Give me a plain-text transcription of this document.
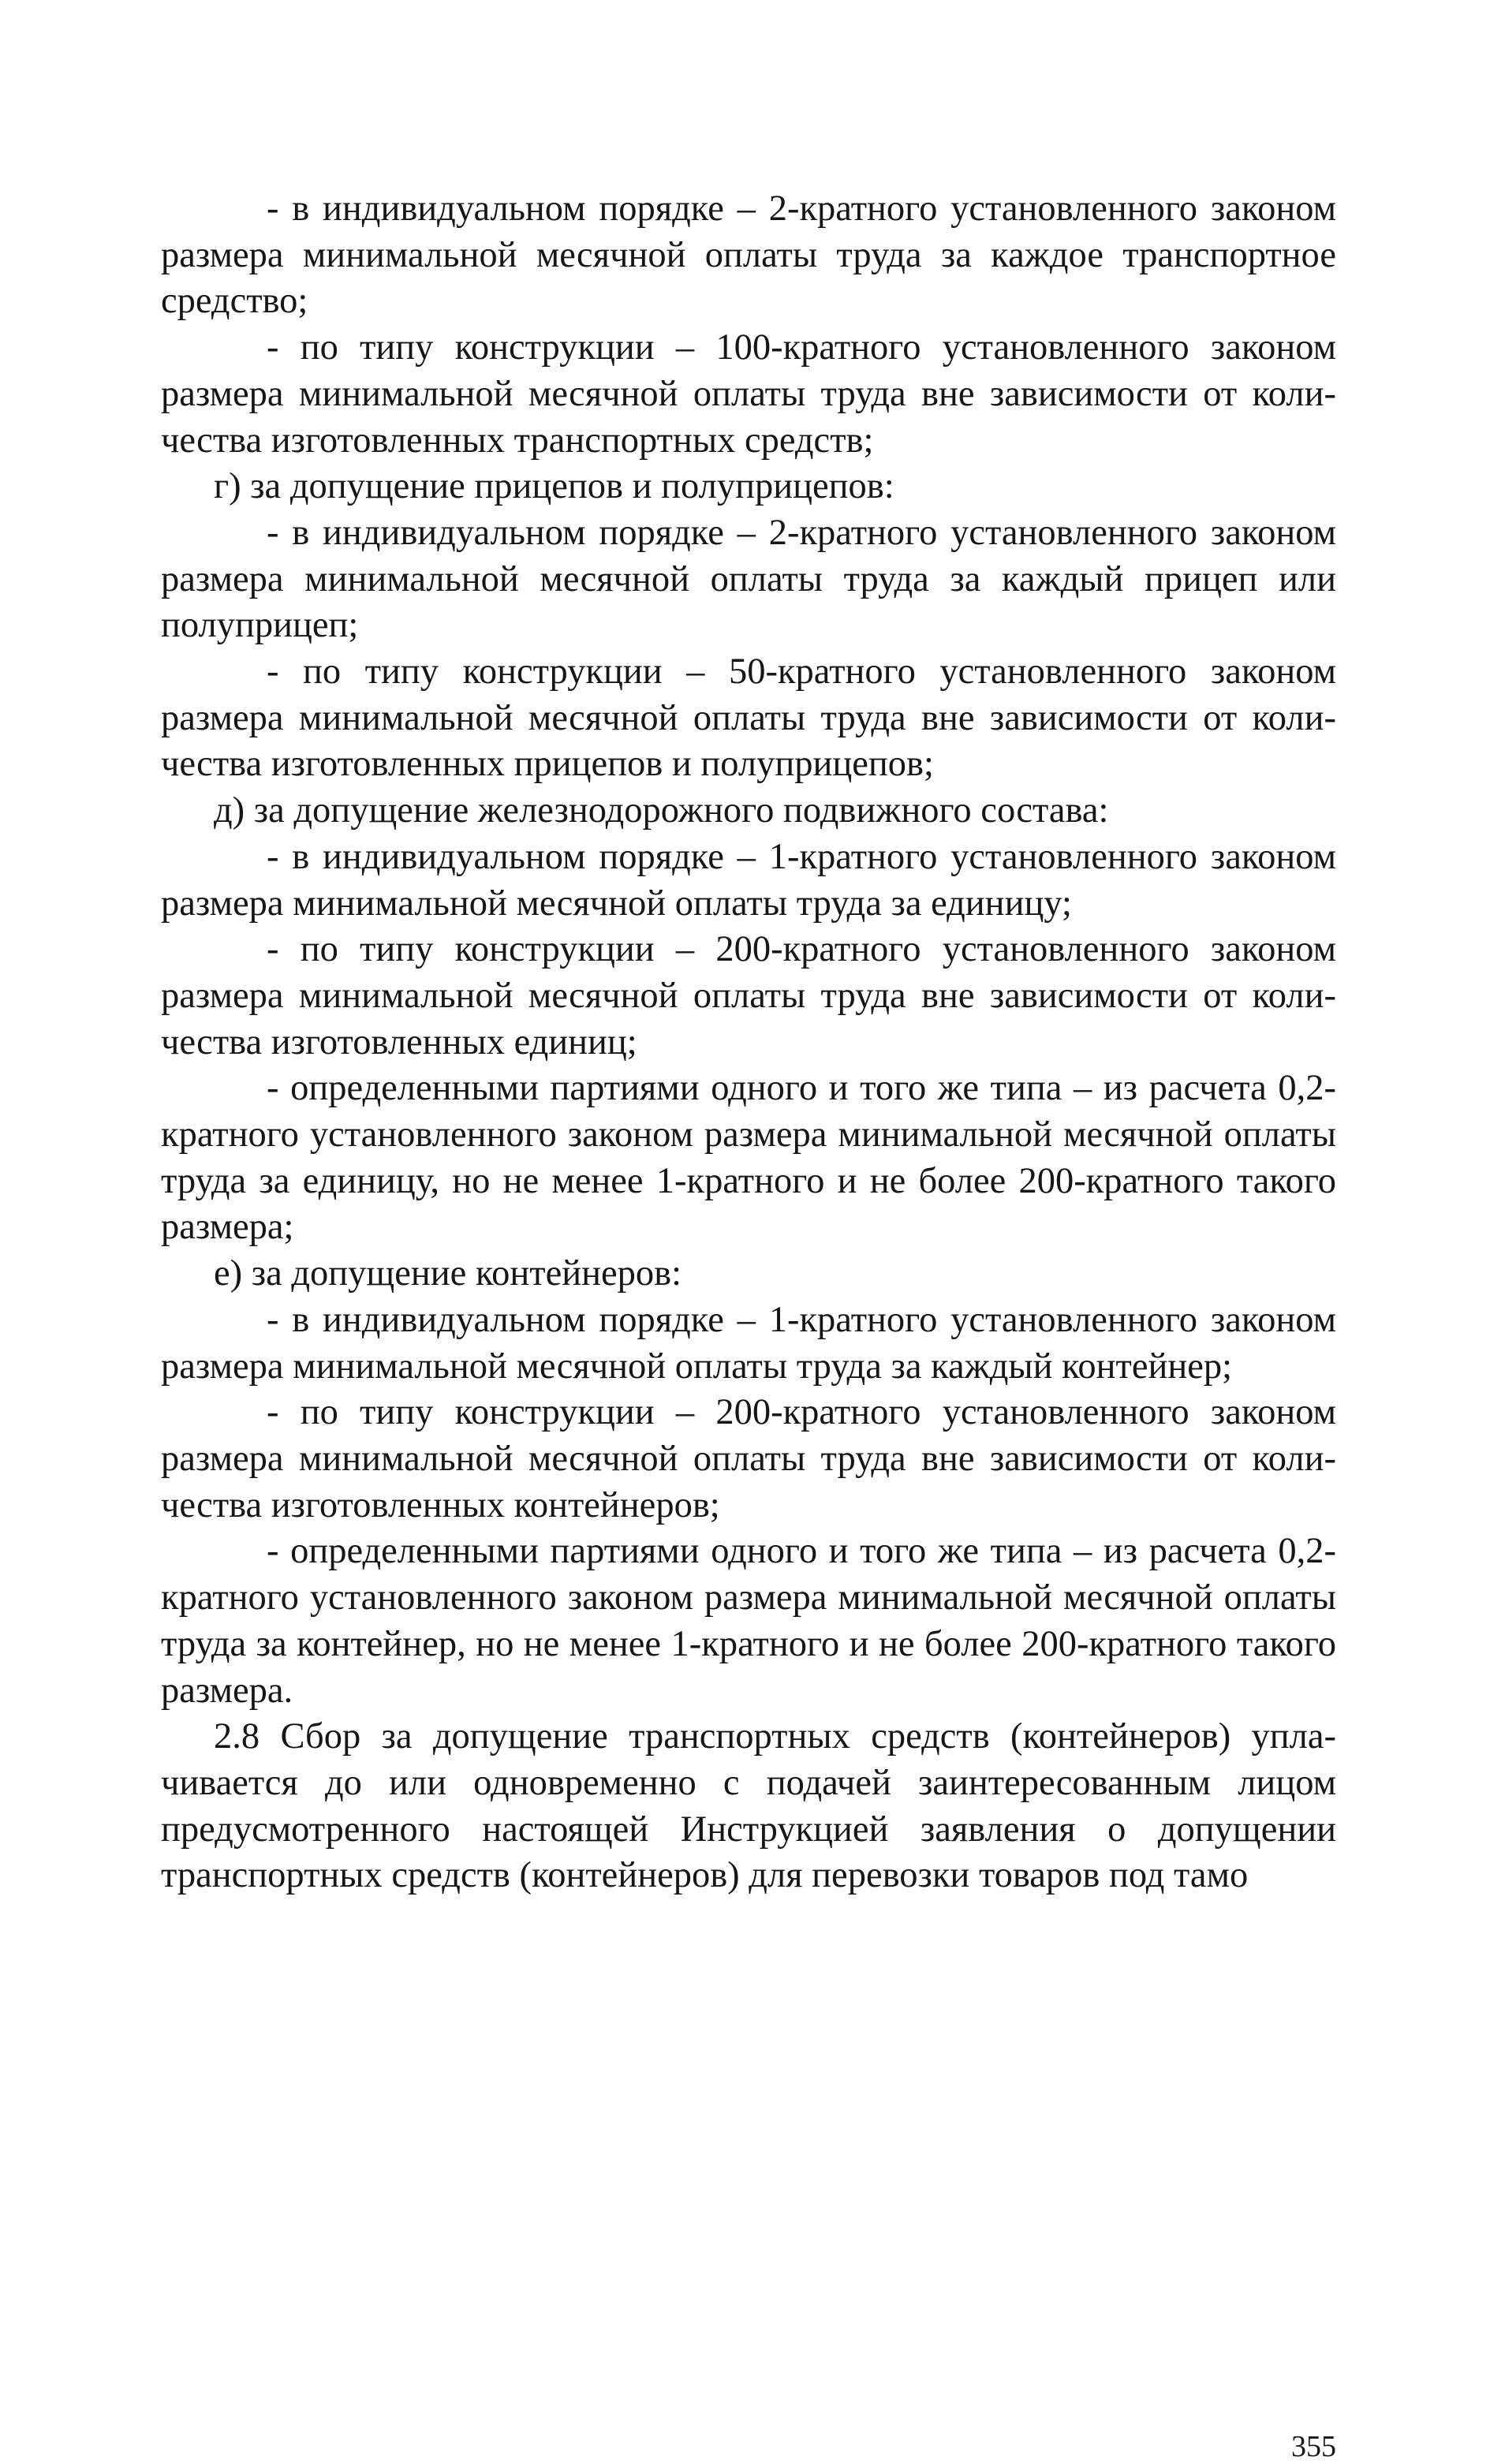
- в индивидуальном порядке – 2-кратного установленного законом размера минимальной месячной оплаты труда за каждое транспортное средство;

- по типу конструкции – 100-кратного установленного законом размера минимальной месячной оплаты труда вне зависимости от количества изготовленных транспортных средств;

г) за допущение прицепов и полуприцепов:

- в индивидуальном порядке – 2-кратного установленного законом размера минимальной месячной оплаты труда за каждый прицеп или полуприцеп;

- по типу конструкции – 50-кратного установленного законом размера минимальной месячной оплаты труда вне зависимости от количества изготовленных прицепов и полуприцепов;

д) за допущение железнодорожного подвижного состава:

- в индивидуальном порядке – 1-кратного установленного законом размера минимальной месячной оплаты труда за единицу;

- по типу конструкции – 200-кратного установленного законом размера минимальной месячной оплаты труда вне зависимости от количества изготовленных единиц;

- определенными партиями одного и того же типа – из расчета 0,2-кратного установленного законом размера минимальной месячной оплаты труда за единицу, но не менее 1-кратного и не более 200-кратного такого размера;

е) за допущение контейнеров:

- в индивидуальном порядке – 1-кратного установленного законом размера минимальной месячной оплаты труда за каждый контейнер;

- по типу конструкции – 200-кратного установленного законом размера минимальной месячной оплаты труда вне зависимости от количества изготовленных контейнеров;

- определенными партиями одного и того же типа – из расчета 0,2-кратного установленного законом размера минимальной месячной оплаты труда за контейнер, но не менее 1-кратного и не более 200-кратного такого размера.

2.8 Сбор за допущение транспортных средств (контейнеров) уплачивается до или одновременно с подачей заинтересованным лицом предусмотренного настоящей Инструкцией заявления о допущении транспортных средств (контейнеров) для перевозки товаров под тамо

355
